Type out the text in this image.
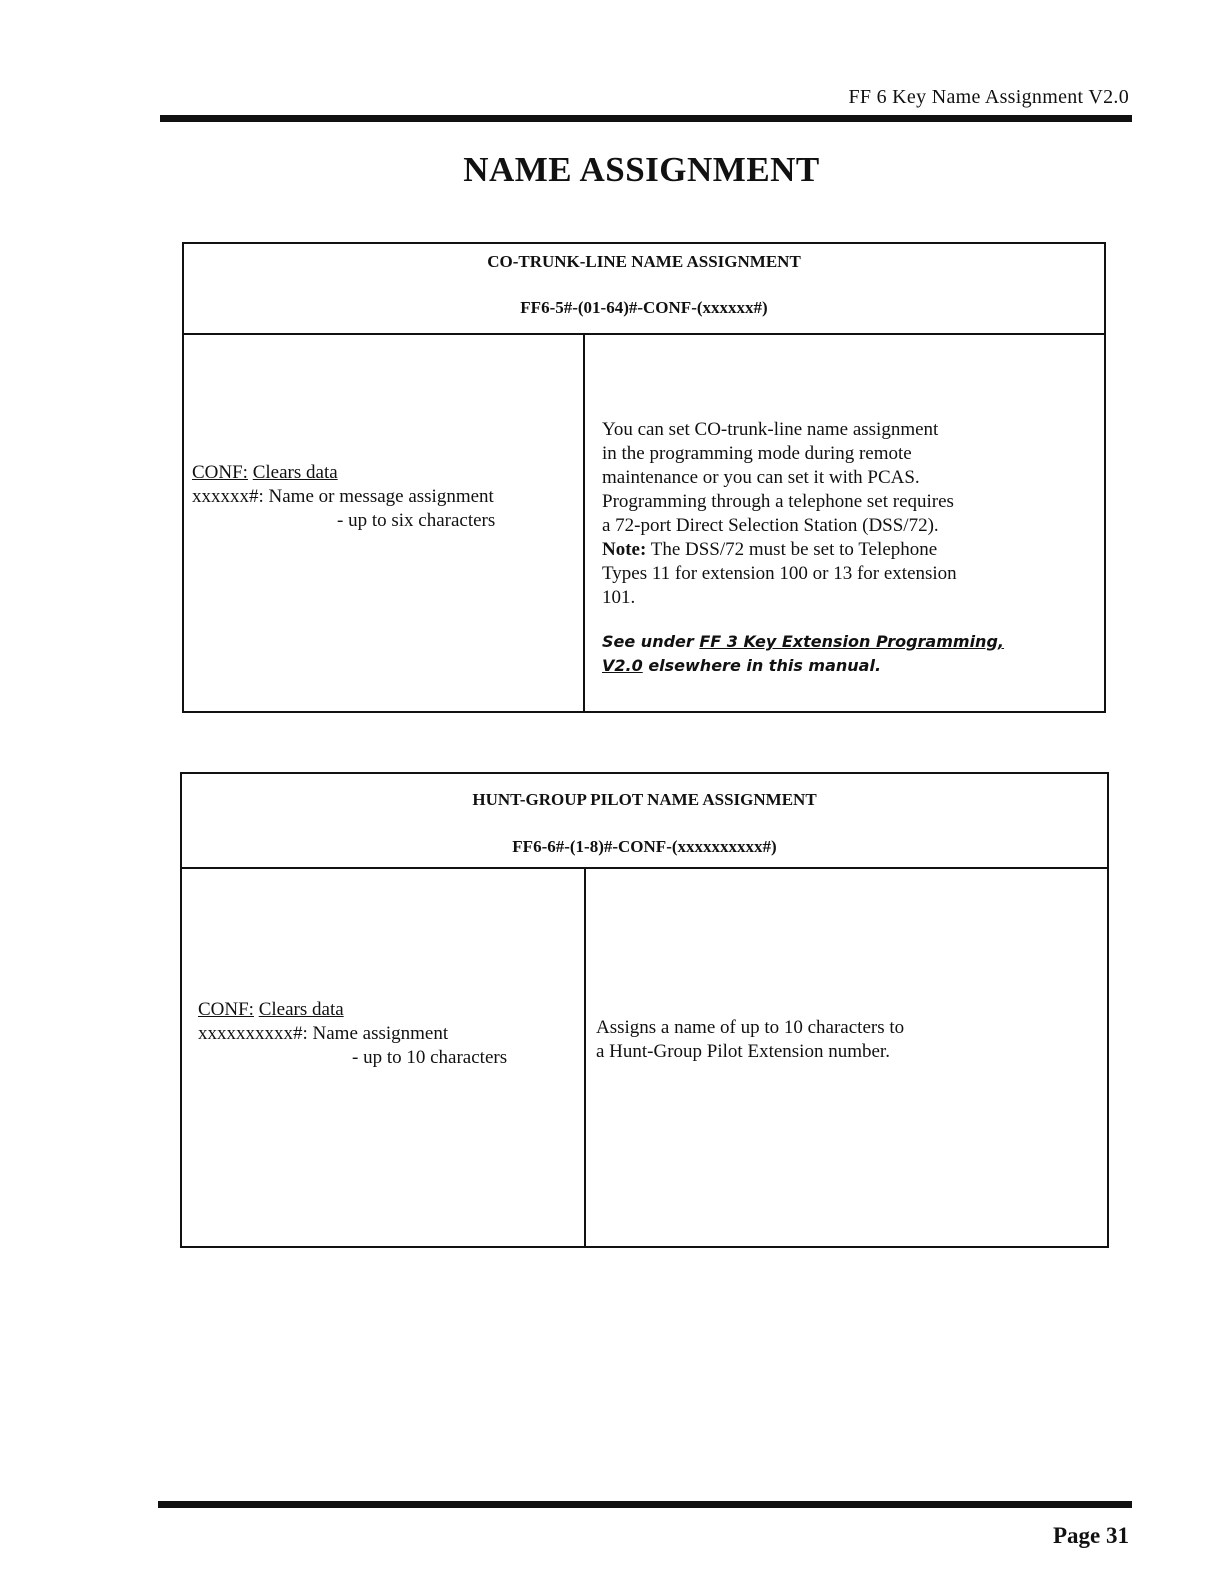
FF 6 Key Name Assignment V2.0
NAME ASSIGNMENT
CO-TRUNK-LINE NAME ASSIGNMENT
FF6-5#-(01-64)#-CONF-(xxxxxx#)
CONF: Clears data
xxxxxx#: Name or message assignment
- up to six characters
You can set CO-trunk-line name assignment
in the programming mode during remote
maintenance or you can set it with PCAS.
Programming through a telephone set requires
a 72-port Direct Selection Station (DSS/72).
Note: The DSS/72 must be set to Telephone
Types 11 for extension 100 or 13 for extension
101.
See under FF 3 Key Extension Programming,
V2.0 elsewhere in this manual.
HUNT-GROUP PILOT NAME ASSIGNMENT
FF6-6#-(1-8)#-CONF-(xxxxxxxxxx#)
CONF: Clears data
xxxxxxxxxx#: Name assignment
- up to 10 characters
Assigns a name of up to 10 characters to
a Hunt-Group Pilot Extension number.
Page 31
